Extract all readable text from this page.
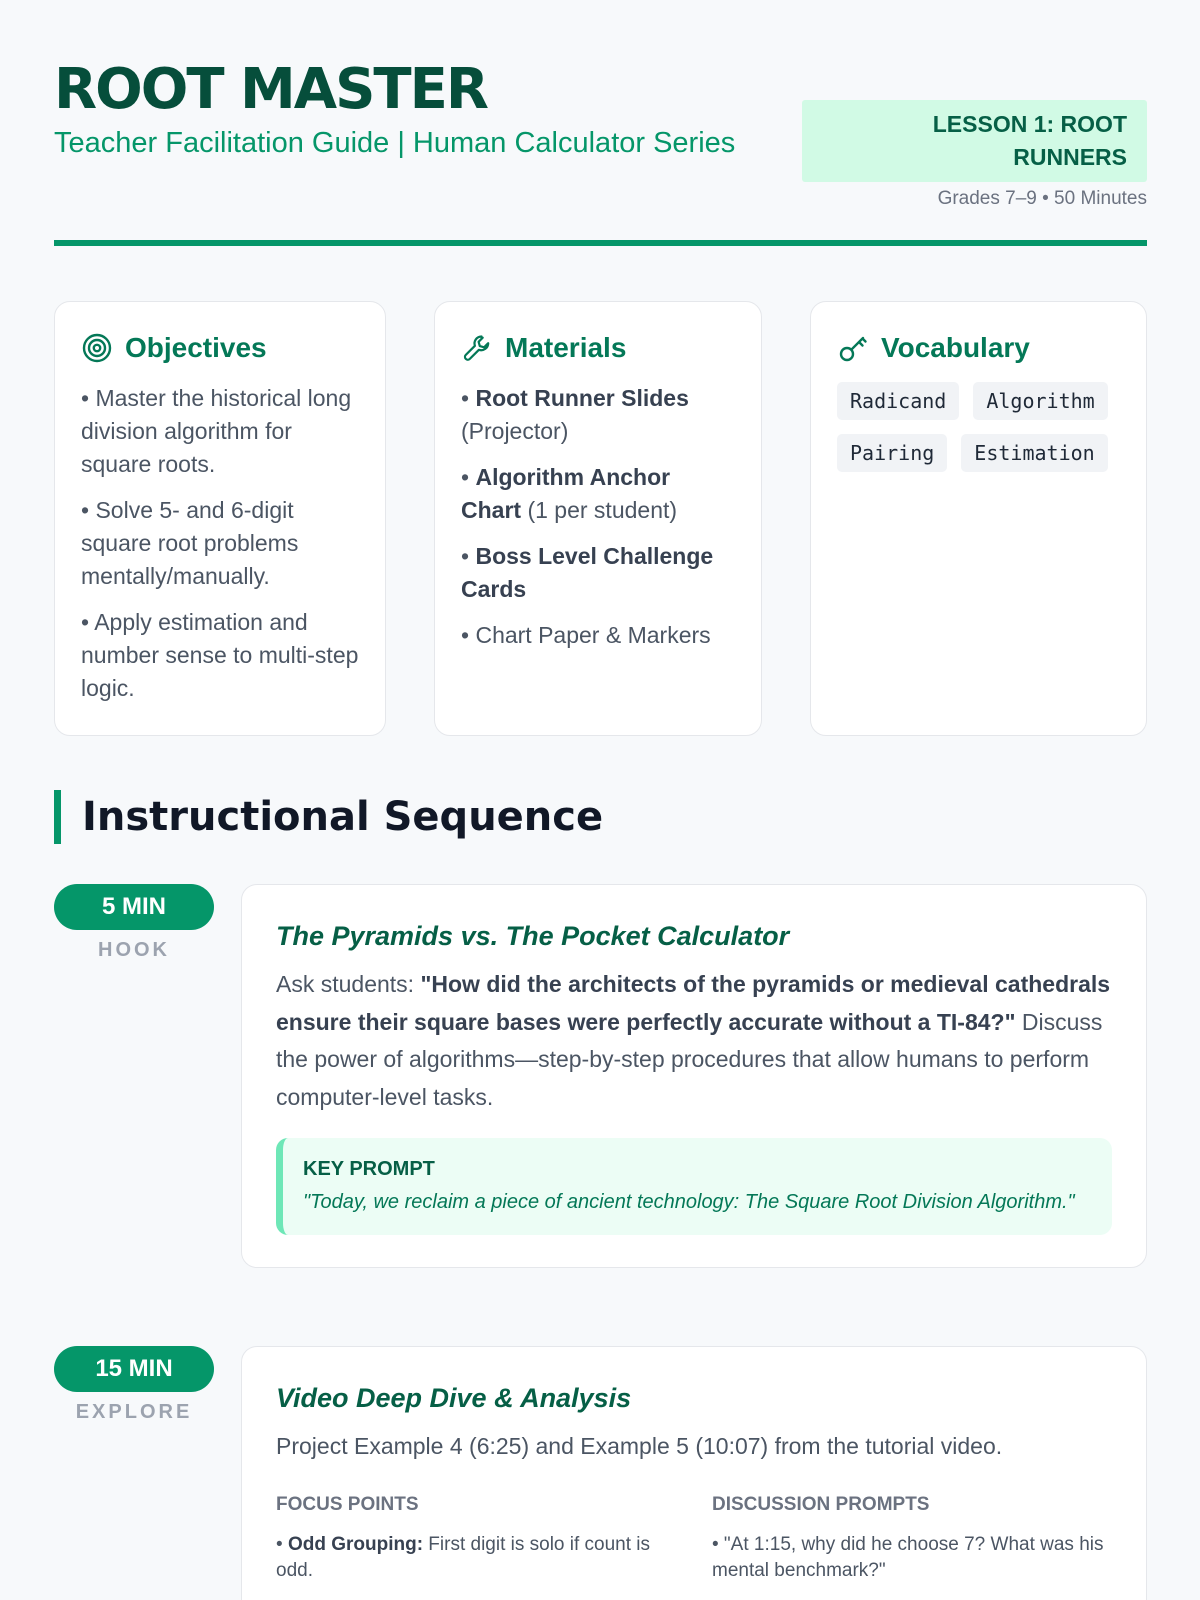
ROOT MASTER
Teacher Facilitation Guide | Human Calculator Series
LESSON 1: ROOT RUNNERS
Grades 7–9 • 50 Minutes
Objectives
• Master the historical long division algorithm for square roots.
• Solve 5- and 6-digit square root problems mentally/manually.
• Apply estimation and number sense to multi-step logic.
Materials
• Root Runner Slides (Projector)
• Algorithm Anchor Chart (1 per student)
• Boss Level Challenge Cards
• Chart Paper & Markers
Vocabulary
Radicand	Algorithm
Pairing	Estimation
Instructional Sequence
5 MIN
HOOK	The Pyramids vs. The Pocket Calculator
Ask students: "How did the architects of the pyramids or medieval cathedrals ensure their square bases were perfectly accurate without a TI-84?" Discuss the power of algorithms—step-by-step procedures that allow humans to perform computer-level tasks.
KEY PROMPT
"Today, we reclaim a piece of ancient technology: The Square Root Division Algorithm."
15 MIN
EXPLORE	Video Deep Dive & Analysis
Project Example 4 (6:25) and Example 5 (10:07) from the tutorial video.
FOCUS POINTS
• Odd Grouping: First digit is solo if count is odd.
DISCUSSION PROMPTS
• "At 1:15, why did he choose 7? What was his mental benchmark?"
